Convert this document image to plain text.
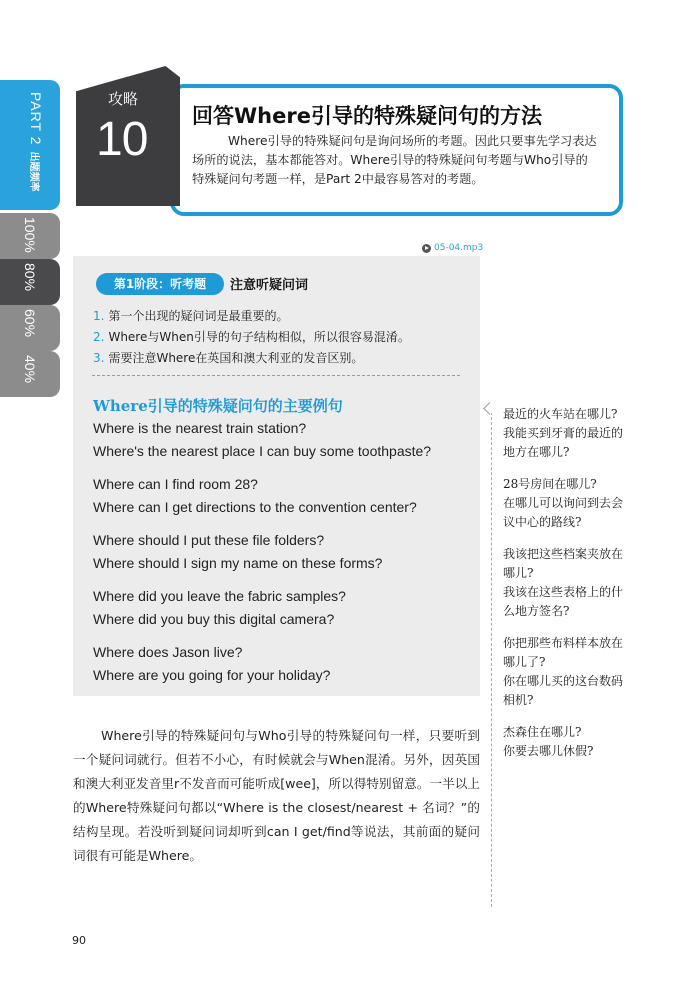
PART 2出题频率
100%
80%
60%
40%
攻略
10 回答Where引导的特殊疑问句的方法
Where引导的特殊疑问句是询问场所的考题。因此只要事先学习表达场所的说法，基本都能答对。Where引导的特殊疑问句考题与Who引导的特殊疑问句考题一样，是Part 2中最容易答对的考题。
05-04.mp3
第1阶段：听考题	注意听疑问词
1. 第一个出现的疑问词是最重要的。
2. Where与When引导的句子结构相似，所以很容易混淆。
3. 需要注意Where在英国和澳大利亚的发音区别。
Where引导的特殊疑问句的主要例句
Where is the nearest train station?
Where's the nearest place I can buy some toothpaste?
Where can I find room 28?
Where can I get directions to the convention center?
Where should I put these file folders?
Where should I sign my name on these forms?
Where did you leave the fabric samples?
Where did you buy this digital camera?
Where does Jason live?
Where are you going for your holiday?
最近的火车站在哪儿?
我能买到牙膏的最近的地方在哪儿?
28号房间在哪儿?
在哪儿可以询问到去会议中心的路线?
我该把这些档案夹放在哪儿?
我该在这些表格上的什么地方签名?
你把那些布料样本放在哪儿了?
你在哪儿买的这台数码相机?
杰森住在哪儿?
你要去哪儿休假?
Where引导的特殊疑问句与Who引导的特殊疑问句一样，只要听到一个疑问词就行。但若不小心，有时候就会与When混淆。另外，因英国和澳大利亚发音里r不发音而可能听成[wee]，所以得特别留意。一半以上的Where特殊疑问句都以“Where is the closest/nearest + 名词？”的结构呈现。若没听到疑问词却听到can I get/find等说法，其前面的疑问词很有可能是Where。
90
